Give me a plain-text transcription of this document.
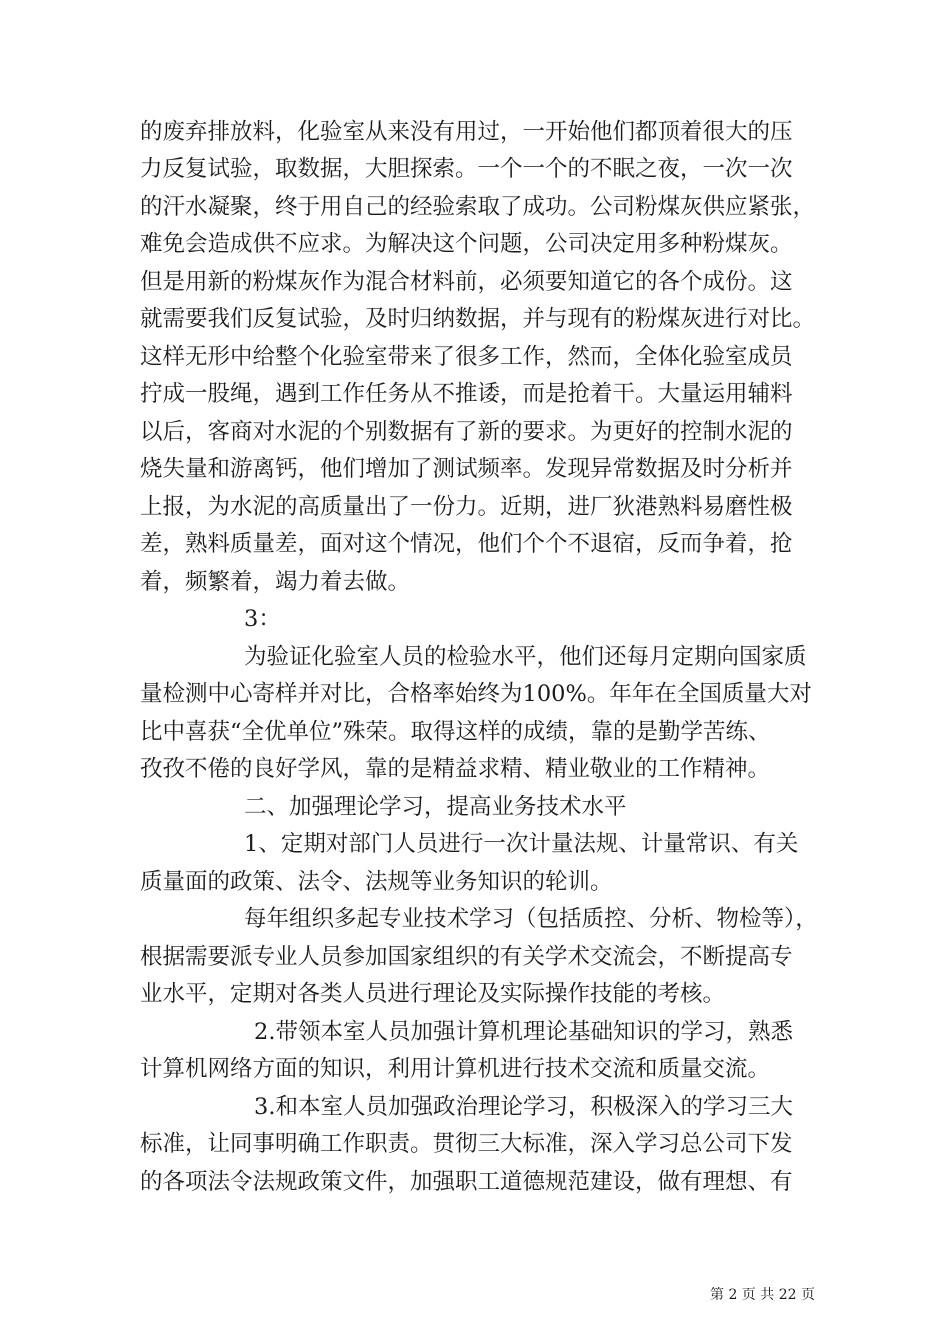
的废弃排放料，化验室从来没有用过，一开始他们都顶着很大的压
力反复试验，取数据，大胆探索。一个一个的不眠之夜，一次一次
的汗水凝聚，终于用自己的经验索取了成功。公司粉煤灰供应紧张，
难免会造成供不应求。为解决这个问题，公司决定用多种粉煤灰。
但是用新的粉煤灰作为混合材料前，必须要知道它的各个成份。这
就需要我们反复试验，及时归纳数据，并与现有的粉煤灰进行对比。
这样无形中给整个化验室带来了很多工作，然而，全体化验室成员
拧成一股绳，遇到工作任务从不推诿，而是抢着干。大量运用辅料
以后，客商对水泥的个别数据有了新的要求。为更好的控制水泥的
烧失量和游离钙，他们增加了测试频率。发现异常数据及时分析并
上报，为水泥的高质量出了一份力。近期，进厂狄港熟料易磨性极
差，熟料质量差，面对这个情况，他们个个不退宿，反而争着，抢
着，频繁着，竭力着去做。
3：
为验证化验室人员的检验水平，他们还每月定期向国家质
量检测中心寄样并对比，合格率始终为100%。年年在全国质量大对
比中喜获“全优单位”殊荣。取得这样的成绩，靠的是勤学苦练、
孜孜不倦的良好学风，靠的是精益求精、精业敬业的工作精神。
二、加强理论学习，提高业务技术水平
1、定期对部门人员进行一次计量法规、计量常识、有关
质量面的政策、法令、法规等业务知识的轮训。
每年组织多起专业技术学习（包括质控、分析、物检等），
根据需要派专业人员参加国家组织的有关学术交流会，不断提高专
业水平，定期对各类人员进行理论及实际操作技能的考核。
2.带领本室人员加强计算机理论基础知识的学习，熟悉
计算机网络方面的知识，利用计算机进行技术交流和质量交流。
3.和本室人员加强政治理论学习，积极深入的学习三大
标准，让同事明确工作职责。贯彻三大标准，深入学习总公司下发
的各项法令法规政策文件，加强职工道德规范建设，做有理想、有
第 2 页 共 22 页
